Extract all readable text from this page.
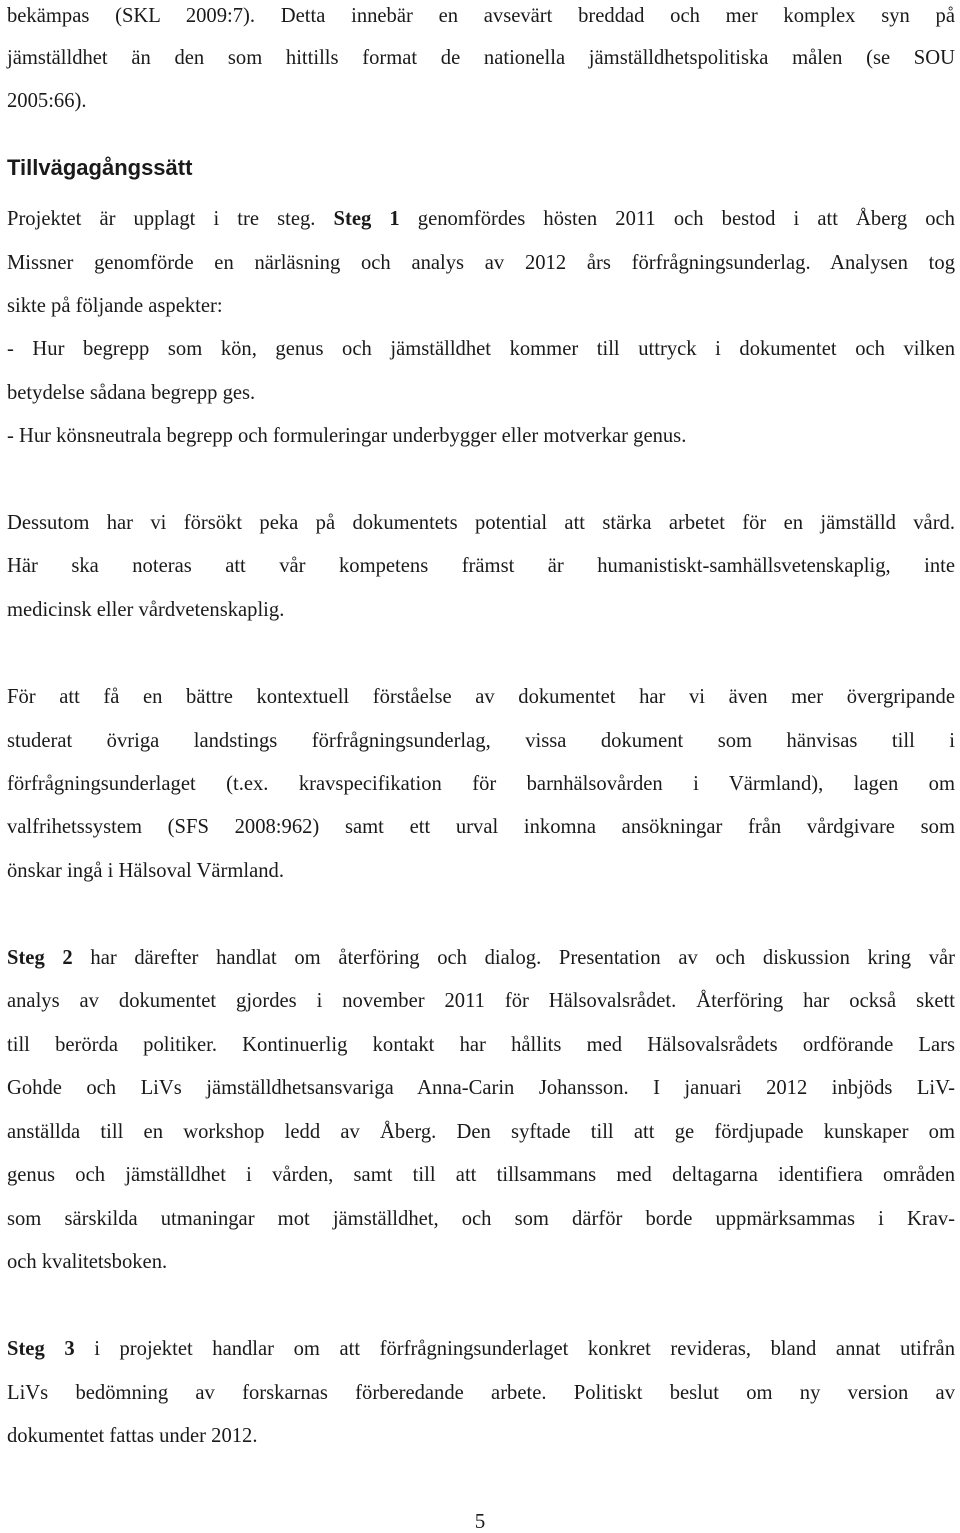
bekämpas (SKL 2009:7). Detta innebär en avsevärt breddad och mer komplex syn på
jämställdhet än den som hittills format de nationella jämställdhetspolitiska målen (se SOU
2005:66).
Tillvägagångssätt
Projektet är upplagt i tre steg. Steg 1 genomfördes hösten 2011 och bestod i att Åberg och
Missner genomförde en närläsning och analys av 2012 års förfrågningsunderlag. Analysen tog
sikte på följande aspekter:
- Hur begrepp som kön, genus och jämställdhet kommer till uttryck i dokumentet och vilken
betydelse sådana begrepp ges.
- Hur könsneutrala begrepp och formuleringar underbygger eller motverkar genus.
Dessutom har vi försökt peka på dokumentets potential att stärka arbetet för en jämställd vård.
Här ska noteras att vår kompetens främst är humanistiskt-samhällsvetenskaplig, inte
medicinsk eller vårdvetenskaplig.
För att få en bättre kontextuell förståelse av dokumentet har vi även mer övergripande
studerat övriga landstings förfrågningsunderlag, vissa dokument som hänvisas till i
förfrågningsunderlaget (t.ex. kravspecifikation för barnhälsovården i Värmland), lagen om
valfrihetssystem (SFS 2008:962) samt ett urval inkomna ansökningar från vårdgivare som
önskar ingå i Hälsoval Värmland.
Steg 2 har därefter handlat om återföring och dialog. Presentation av och diskussion kring vår
analys av dokumentet gjordes i november 2011 för Hälsovalsrådet. Återföring har också skett
till berörda politiker. Kontinuerlig kontakt har hållits med Hälsovalsrådets ordförande Lars
Gohde och LiVs jämställdhetsansvariga Anna-Carin Johansson. I januari 2012 inbjöds LiV-
anställda till en workshop ledd av Åberg. Den syftade till att ge fördjupade kunskaper om
genus och jämställdhet i vården, samt till att tillsammans med deltagarna identifiera områden
som särskilda utmaningar mot jämställdhet, och som därför borde uppmärksammas i Krav-
och kvalitetsboken.
Steg 3 i projektet handlar om att förfrågningsunderlaget konkret revideras, bland annat utifrån
LiVs bedömning av forskarnas förberedande arbete. Politiskt beslut om ny version av
dokumentet fattas under 2012.
5
